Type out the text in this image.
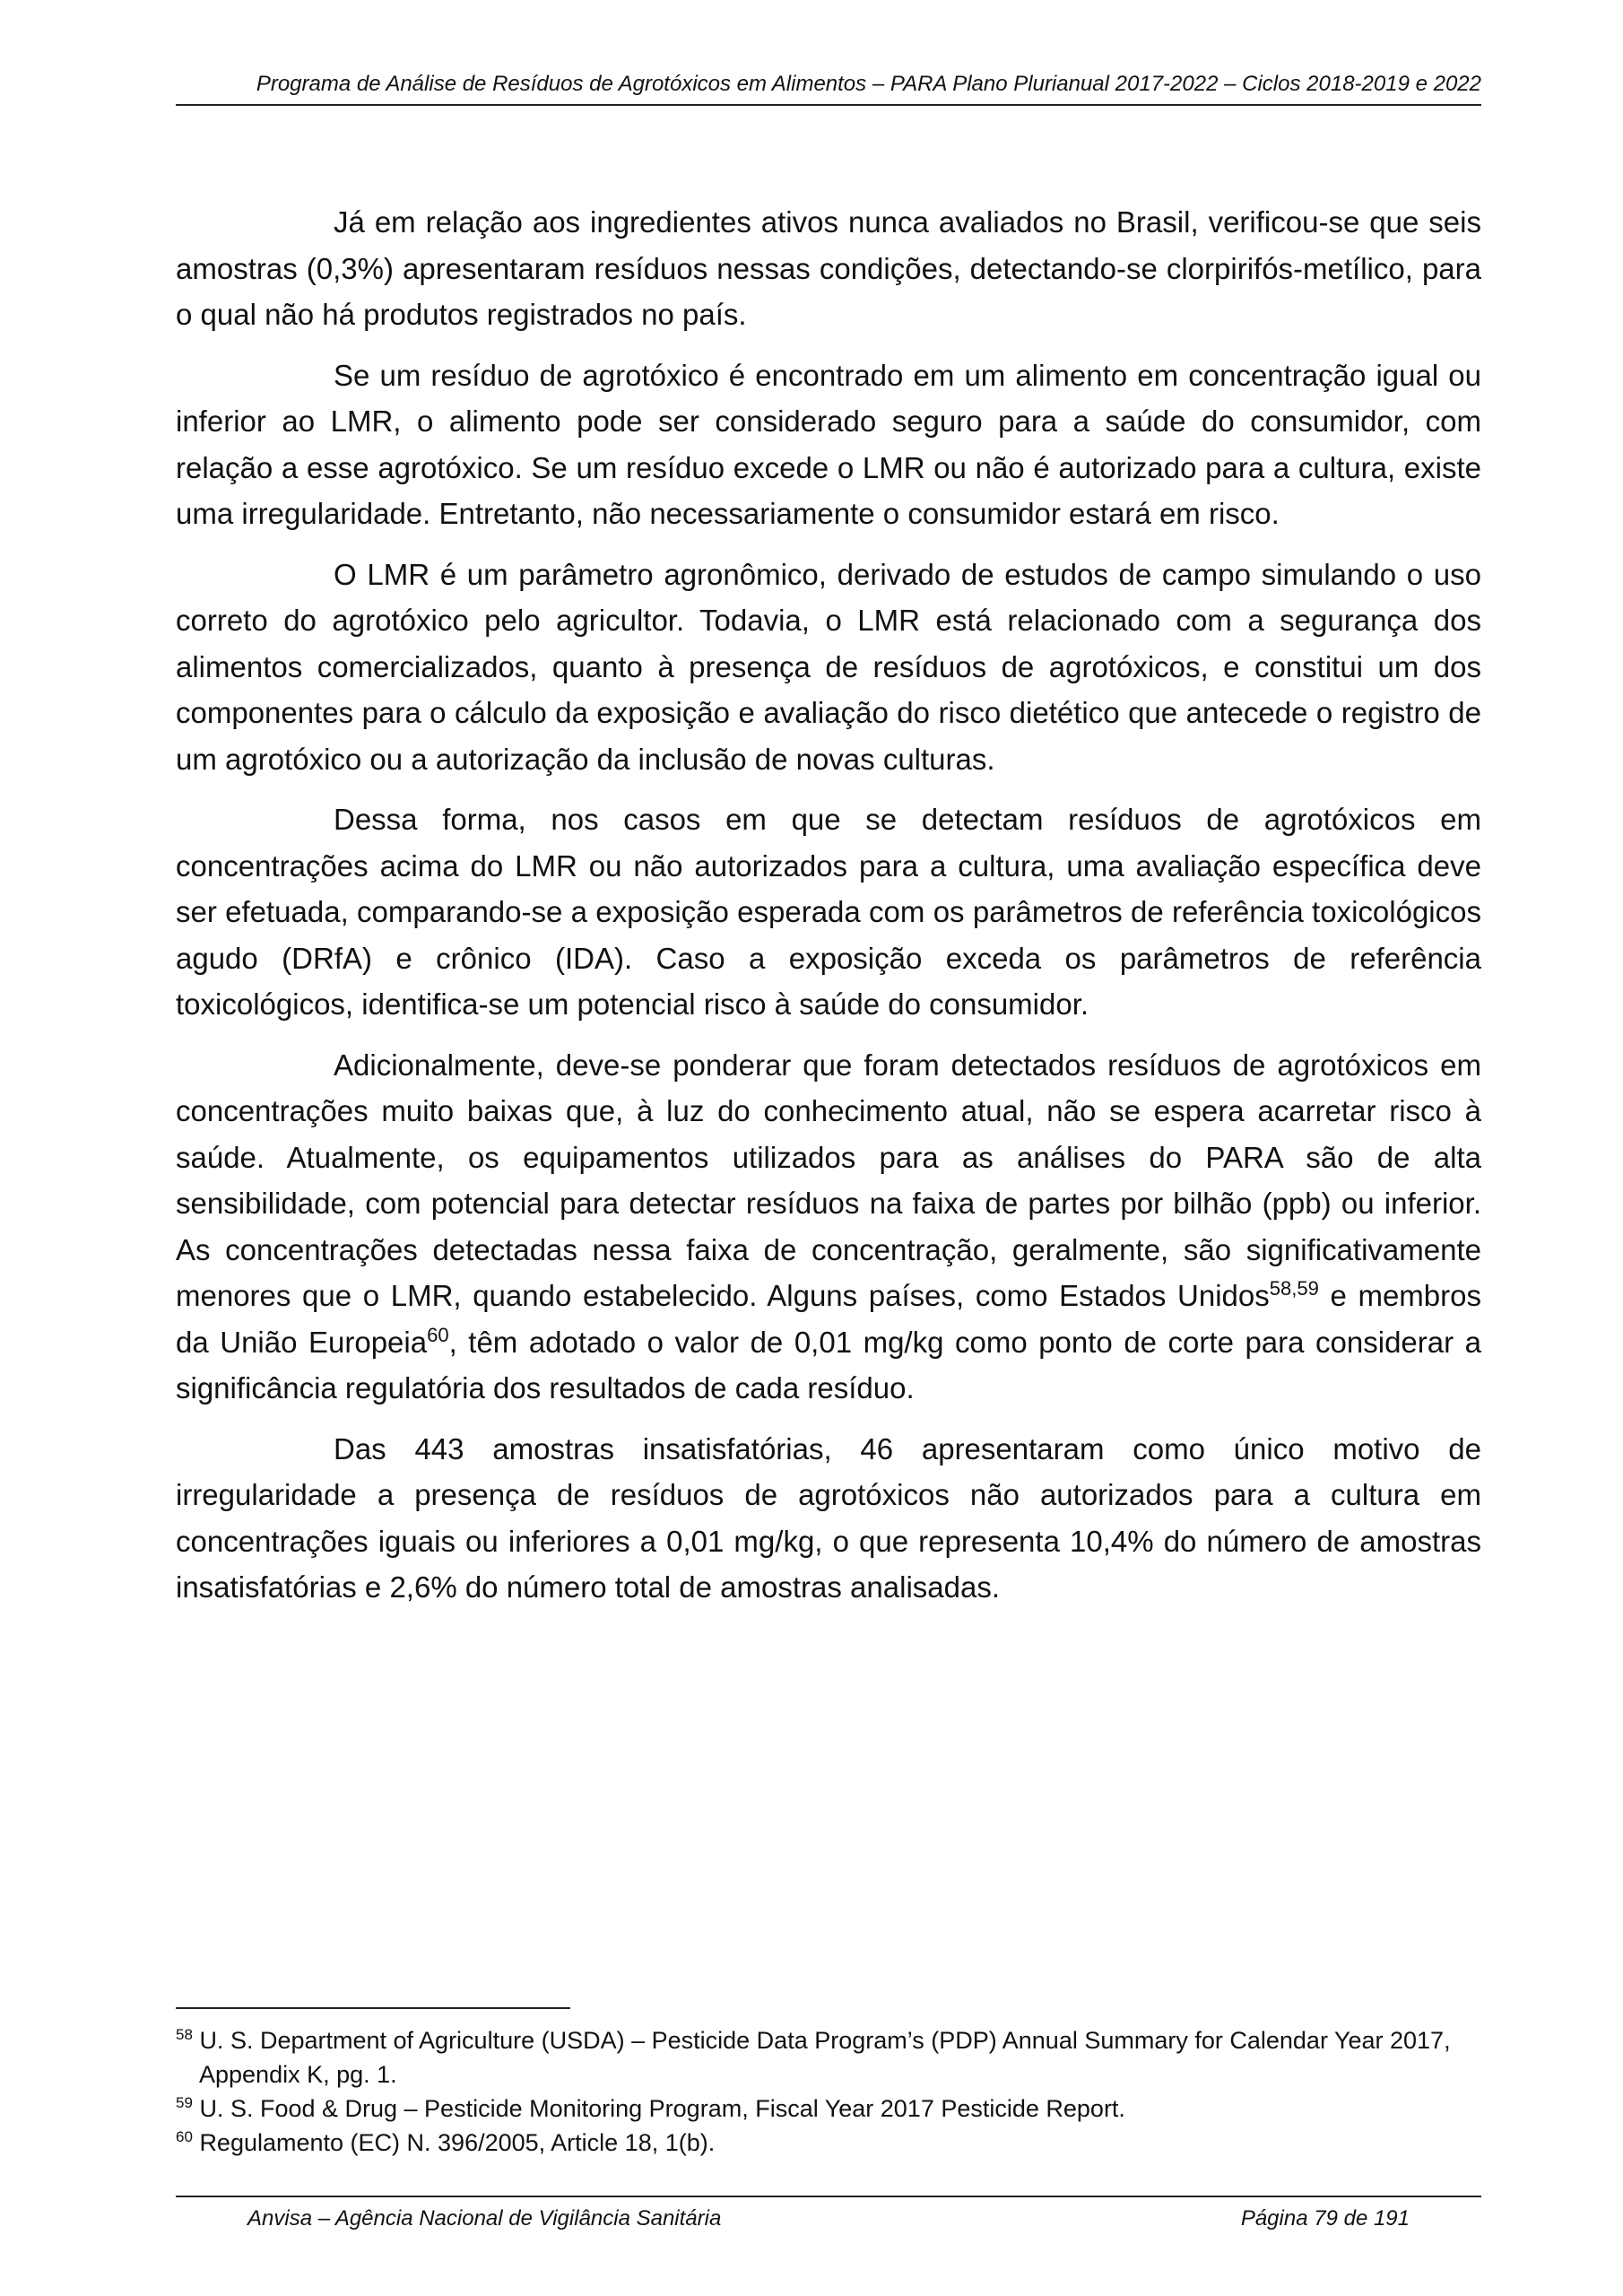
Programa de Análise de Resíduos de Agrotóxicos em Alimentos – PARA Plano Plurianual 2017-2022 – Ciclos 2018-2019 e 2022

Já em relação aos ingredientes ativos nunca avaliados no Brasil, verificou-se que seis amostras (0,3%) apresentaram resíduos nessas condições, detectando-se clorpirifós-metílico, para o qual não há produtos registrados no país.

Se um resíduo de agrotóxico é encontrado em um alimento em concentração igual ou inferior ao LMR, o alimento pode ser considerado seguro para a saúde do consumidor, com relação a esse agrotóxico. Se um resíduo excede o LMR ou não é autorizado para a cultura, existe uma irregularidade. Entretanto, não necessariamente o consumidor estará em risco.

O LMR é um parâmetro agronômico, derivado de estudos de campo simulando o uso correto do agrotóxico pelo agricultor. Todavia, o LMR está relacionado com a segurança dos alimentos comercializados, quanto à presença de resíduos de agrotóxicos, e constitui um dos componentes para o cálculo da exposição e avaliação do risco dietético que antecede o registro de um agrotóxico ou a autorização da inclusão de novas culturas.

Dessa forma, nos casos em que se detectam resíduos de agrotóxicos em concentrações acima do LMR ou não autorizados para a cultura, uma avaliação específica deve ser efetuada, comparando-se a exposição esperada com os parâmetros de referência toxicológicos agudo (DRfA) e crônico (IDA). Caso a exposição exceda os parâmetros de referência toxicológicos, identifica-se um potencial risco à saúde do consumidor.

Adicionalmente, deve-se ponderar que foram detectados resíduos de agrotóxicos em concentrações muito baixas que, à luz do conhecimento atual, não se espera acarretar risco à saúde. Atualmente, os equipamentos utilizados para as análises do PARA são de alta sensibilidade, com potencial para detectar resíduos na faixa de partes por bilhão (ppb) ou inferior. As concentrações detectadas nessa faixa de concentração, geralmente, são significativamente menores que o LMR, quando estabelecido. Alguns países, como Estados Unidos$^{58,59}$ e membros da União Europeia$^{60}$, têm adotado o valor de 0,01 mg/kg como ponto de corte para considerar a significância regulatória dos resultados de cada resíduo.

Das 443 amostras insatisfatórias, 46 apresentaram como único motivo de irregularidade a presença de resíduos de agrotóxicos não autorizados para a cultura em concentrações iguais ou inferiores a 0,01 mg/kg, o que representa 10,4% do número de amostras insatisfatórias e 2,6% do número total de amostras analisadas.

$^{58}$ U. S. Department of Agriculture (USDA) – Pesticide Data Program’s (PDP) Annual Summary for Calendar Year 2017, Appendix K, pg. 1.

$^{59}$ U. S. Food & Drug – Pesticide Monitoring Program, Fiscal Year 2017 Pesticide Report.

$^{60}$ Regulamento (EC) N. 396/2005, Article 18, 1(b).

Anvisa – Agência Nacional de Vigilância Sanitária	Página 79 de 191
